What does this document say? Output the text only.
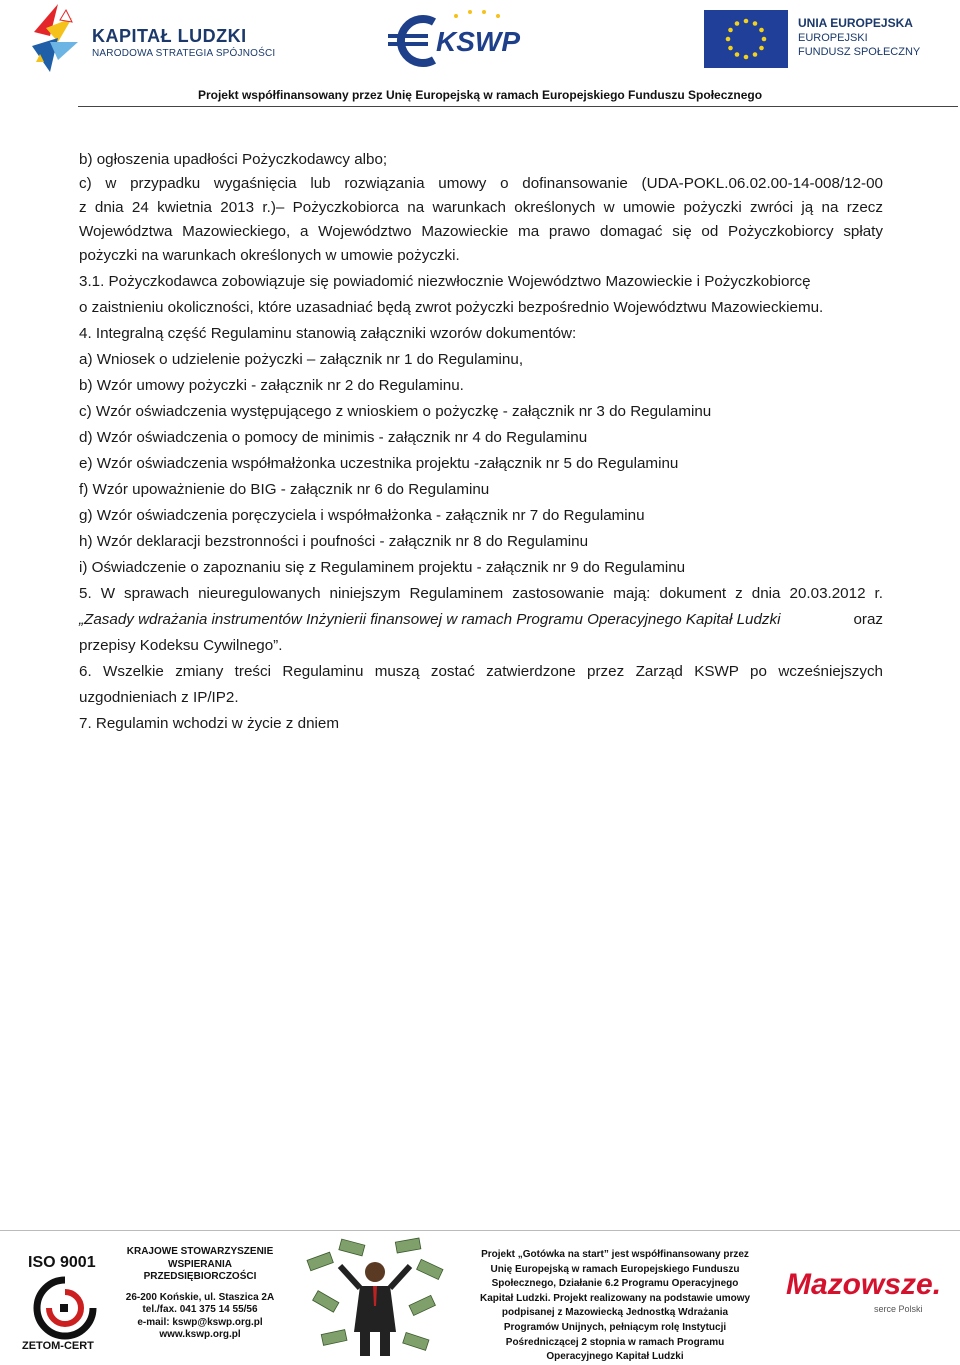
KAPITAŁ LUDZKI
NARODOWA STRATEGIA SPÓJNOŚCI	KSWP
UNIA EUROPEJSKA
EUROPEJSKI
FUNDUSZ SPOŁECZNY
Projekt współfinansowany przez Unię Europejską w ramach Europejskiego Funduszu Społecznego
b) ogłoszenia upadłości Pożyczkodawcy albo;
c) w przypadku wygaśnięcia lub rozwiązania umowy o dofinansowanie (UDA-POKL.06.02.00-14-008/12-00
z dnia 24 kwietnia 2013 r.)– Pożyczkobiorca na warunkach określonych w umowie pożyczki zwróci ją na rzecz
Województwa Mazowieckiego, a Województwo Mazowieckie ma prawo domagać się od Pożyczkobiorcy spłaty
pożyczki na warunkach określonych w umowie pożyczki.
3.1. Pożyczkodawca zobowiązuje się powiadomić niezwłocznie Województwo Mazowieckie i Pożyczkobiorcę
o zaistnieniu okoliczności, które uzasadniać będą zwrot pożyczki bezpośrednio Województwu Mazowieckiemu.
4. Integralną część Regulaminu stanowią załączniki wzorów dokumentów:
a) Wniosek o udzielenie pożyczki – załącznik nr 1 do Regulaminu,
b) Wzór umowy pożyczki - załącznik nr 2 do Regulaminu.
c) Wzór oświadczenia występującego z wnioskiem o pożyczkę - załącznik nr 3 do Regulaminu
d) Wzór oświadczenia o pomocy de minimis - załącznik nr 4 do Regulaminu
e) Wzór oświadczenia współmałżonka uczestnika projektu -załącznik nr 5 do Regulaminu
f) Wzór upoważnienie do BIG - załącznik nr 6 do Regulaminu
g) Wzór oświadczenia poręczyciela i współmałżonka - załącznik nr 7 do Regulaminu
h) Wzór deklaracji bezstronności i poufności - załącznik nr 8 do Regulaminu
i) Oświadczenie o zapoznaniu się z Regulaminem projektu - załącznik nr 9 do Regulaminu
5. W sprawach nieuregulowanych niniejszym Regulaminem zastosowanie mają: dokument z dnia 20.03.2012 r.
„Zasady wdrażania instrumentów Inżynierii finansowej w ramach Programu Operacyjnego Kapitał Ludzki	oraz
przepisy Kodeksu Cywilnego”.
6. Wszelkie zmiany treści Regulaminu muszą zostać zatwierdzone przez Zarząd KSWP po wcześniejszych
uzgodnieniach z IP/IP2.
7. Regulamin wchodzi w życie z dniem
ISO 9001
ZETOM-CERT
KRAJOWE STOWARZYSZENIE
WSPIERANIA
PRZEDSIĘBIORCZOŚCI
26-200 Końskie, ul. Staszica 2A
tel./fax. 041 375 14 55/56
e-mail: kswp@kswp.org.pl
www.kswp.org.pl
Projekt „Gotówka na start” jest współfinansowany przez
Unię Europejską w ramach Europejskiego Funduszu
Społecznego, Działanie 6.2 Programu Operacyjnego
Kapitał Ludzki. Projekt realizowany na podstawie umowy
podpisanej z Mazowiecką Jednostką Wdrażania
Programów Unijnych, pełniącym rolę Instytucji
Pośredniczącej 2 stopnia w ramach Programu
Operacyjnego Kapitał Ludzki
Mazowsze.
serce Polski
